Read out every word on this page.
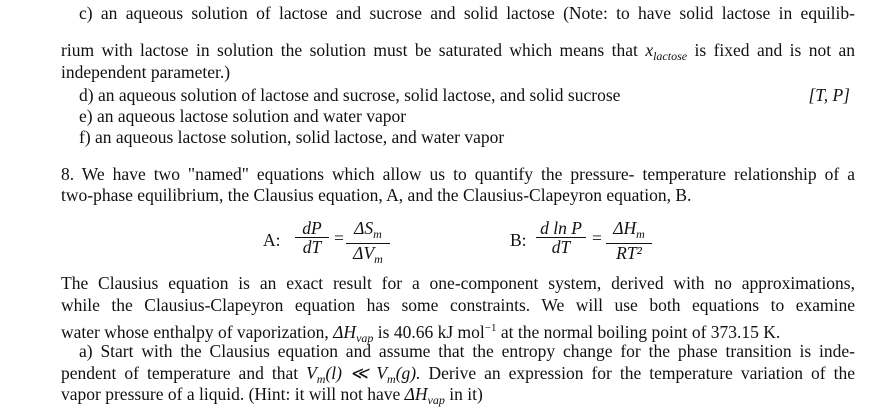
c) an aqueous solution of lactose and sucrose and solid lactose (Note: to have solid lactose in equilib-
rium with lactose in solution the solution must be saturated which means that $x_{lactose}$ is fixed and is not an
independent parameter.)
d) an aqueous solution of lactose and sucrose, solid lactose, and solid sucrose	[T, P]
e) an aqueous lactose solution and water vapor
f) an aqueous lactose solution, solid lactose, and water vapor
8. We have two "named" equations which allow us to quantify the pressure- temperature relationship of a
two-phase equilibrium, the Clausius equation, A, and the Clausius-Clapeyron equation, B.
A: $\frac{dP}{dT} = \Delta S_m$
$\Delta V_m$
B: $\frac{\text{d ln P}}{dT} = \Delta H_m$
RT²
The Clausius equation is an exact result for a one-component system, derived with no approximations,
while the Clausius-Clapeyron equation has some constraints. We will use both equations to examine
water whose enthalpy of vaporization, $\Delta H_{vap}$ is 40.66 kJ mol$^{-1}$ at the normal boiling point of 373.15 K.
a) Start with the Clausius equation and assume that the entropy change for the phase transition is inde-
pendent of temperature and that $V_m(l)$ ≪ $V_m(g)$. Derive an expression for the temperature variation of the
vapor pressure of a liquid. (Hint: it will not have $\Delta H_{vap}$ in it)
